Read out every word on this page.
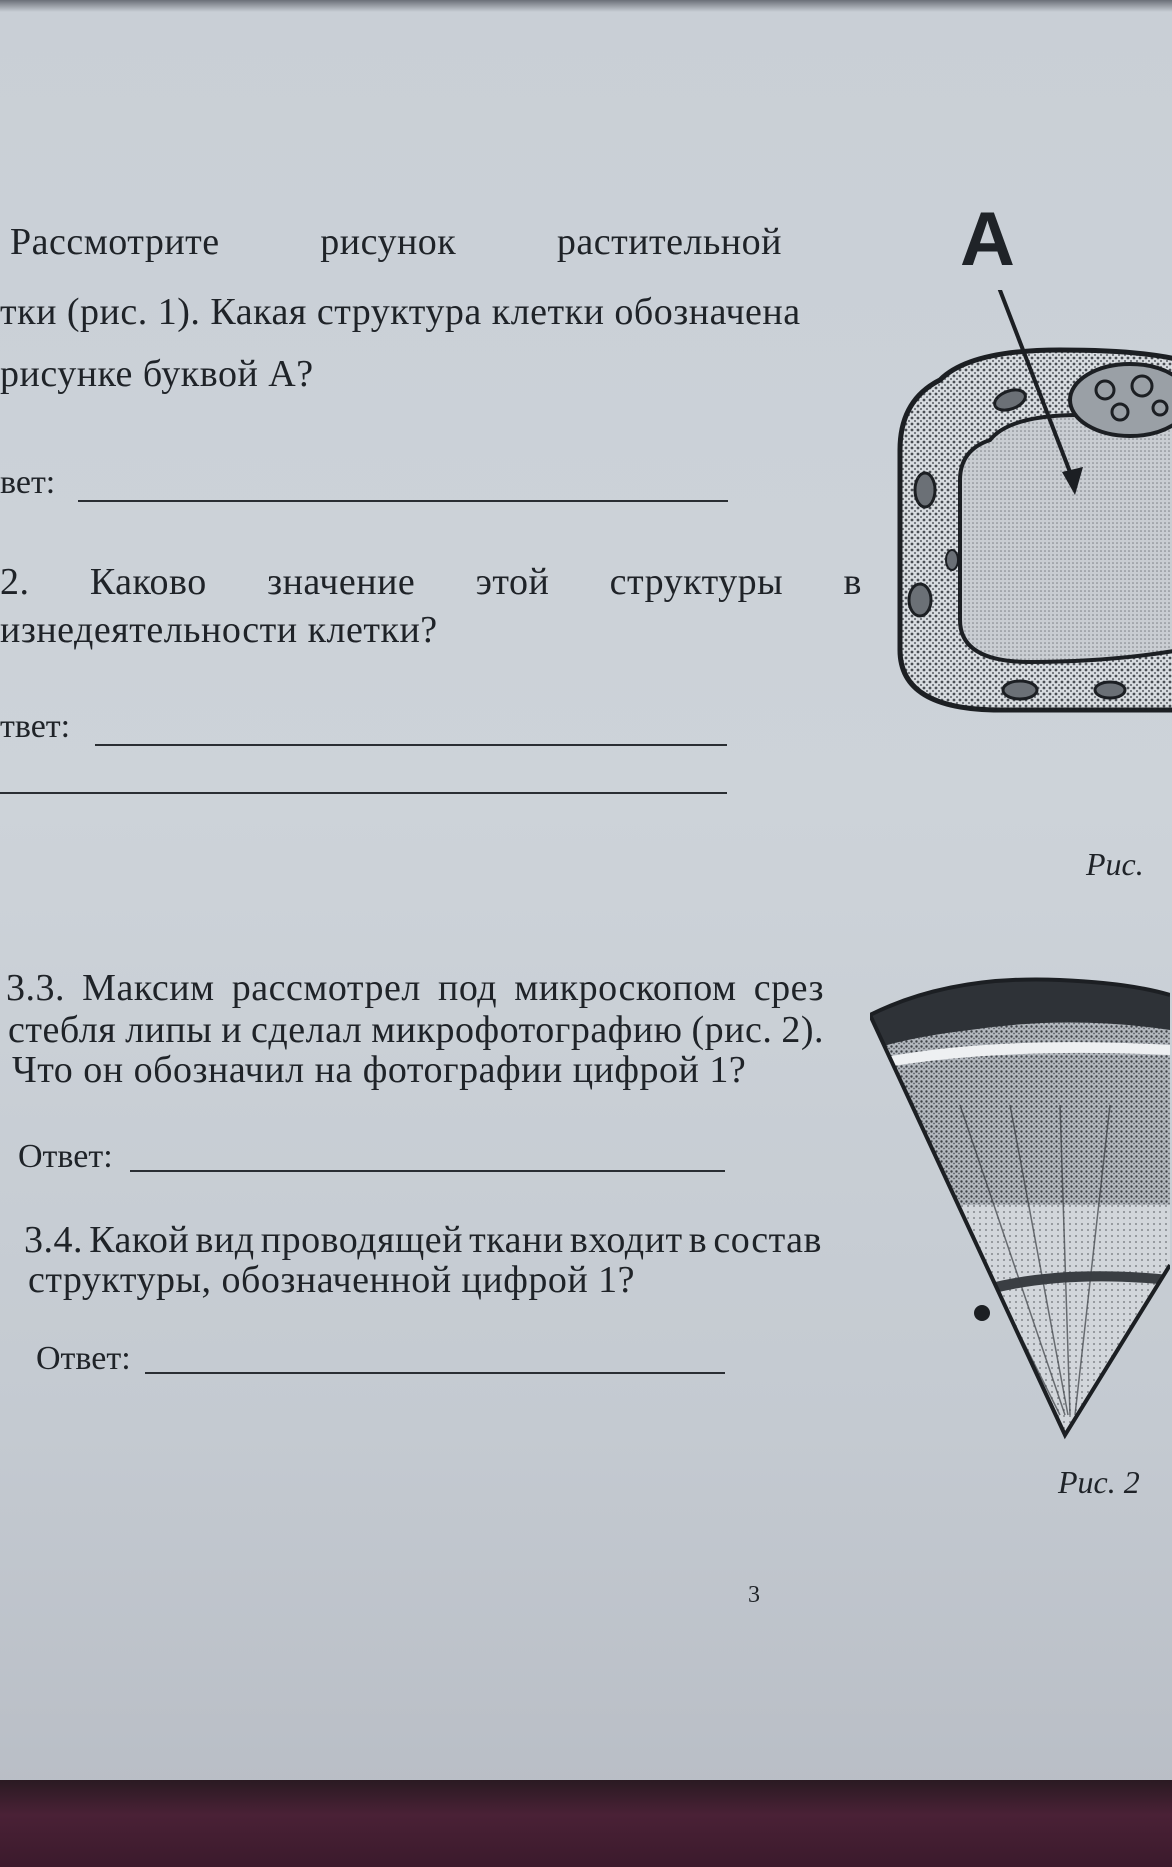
Рассмотрите	рисунок	растительной
тки (рис. 1). Какая структура клетки обозначена
рисунке буквой А?
вет:
2. Каково значение этой структуры в
изнедеятельности клетки?
твет:
3.3. Максим рассмотрел под микроскопом срез
стебля липы и сделал микрофотографию (рис. 2).
Что он обозначил на фотографии цифрой 1?
Ответ:
3.4. Какой вид проводящей ткани входит в состав
структуры, обозначенной цифрой 1?
Ответ:
А
Рис.
Рис. 2
3
